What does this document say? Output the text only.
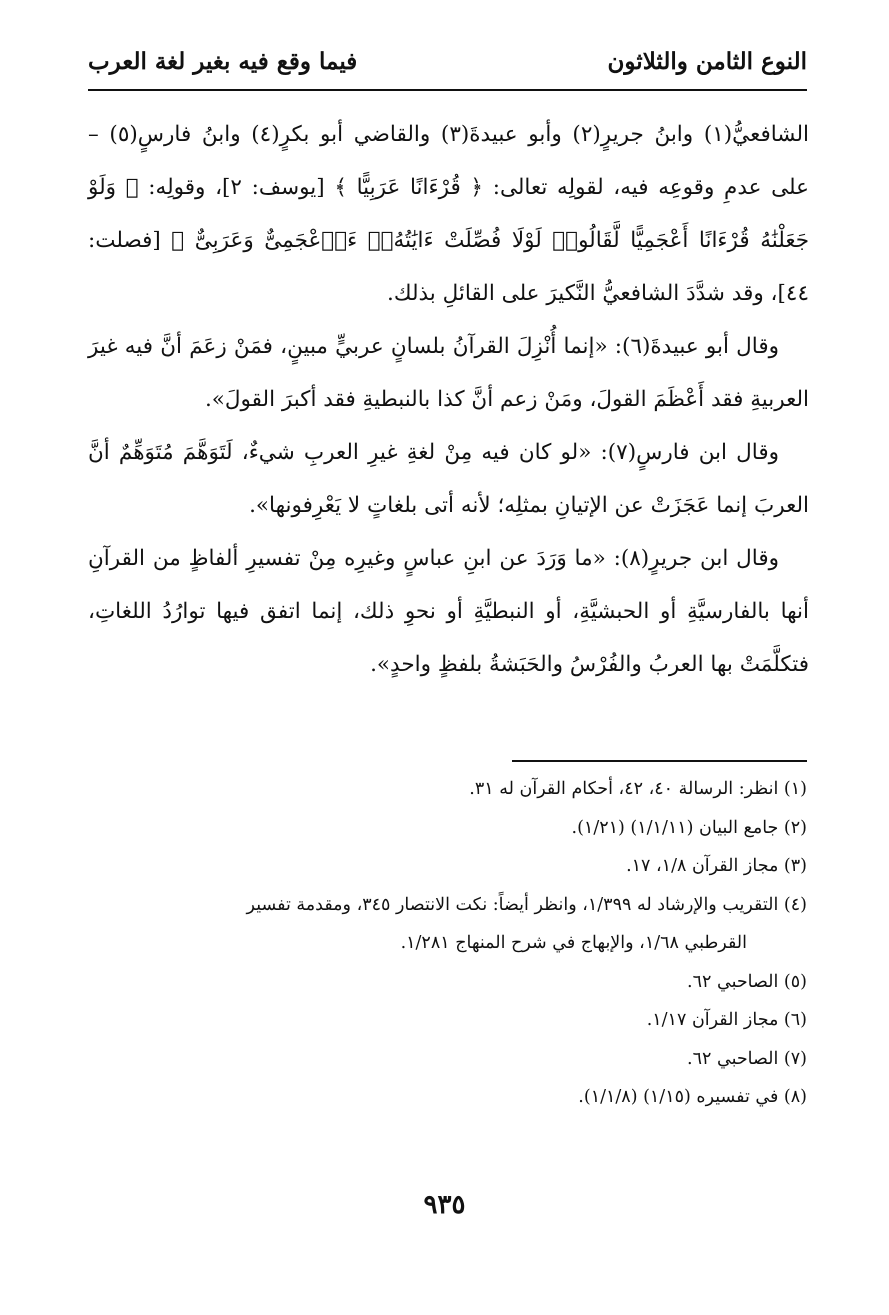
النوع الثامن والثلاثون
فيما وقع فيه بغير لغة العرب

الشافعيُّ(١) وابنُ جريرٍ(٢) وأبو عبيدةَ(٣) والقاضي أبو بكرٍ(٤) وابنُ فارسٍ(٥) – على عدمِ وقوعِه فيه، لقولِه تعالى: ﴿ قُرْءَانًا عَرَبِيًّا ﴾ [يوسف: ٢]، وقولِه: ﴿ وَلَوْ جَعَلْنَٰهُ قُرْءَانًا أَعْجَمِيًّا لَّقَالُوا۟ لَوْلَا فُصِّلَتْ ءَايَٰتُهُۥٓ ءَا۬عْجَمِىٌّ وَعَرَبِىٌّ ﴾ [فصلت: ٤٤]، وقد شدَّدَ الشافعيُّ النَّكيرَ على القائلِ بذلك.

وقال أبو عبيدةَ(٦): «إنما أُنْزِلَ القرآنُ بلسانٍ عربيٍّ مبينٍ، فمَنْ زعَمَ أنَّ فيه غيرَ العربيةِ فقد أَعْظَمَ القولَ، ومَنْ زعم أنَّ كذا بالنبطيةِ فقد أكبرَ القولَ».

وقال ابن فارسٍ(٧): «لو كان فيه مِنْ لغةِ غيرِ العربِ شيءٌ، لَتَوَهَّمَ مُتَوَهِّمٌ أنَّ العربَ إنما عَجَزَتْ عن الإتيانِ بمثلِه؛ لأنه أتى بلغاتٍ لا يَعْرِفونها».

وقال ابن جريرٍ(٨): «ما وَرَدَ عن ابنِ عباسٍ وغيرِه مِنْ تفسيرِ ألفاظٍ من القرآنِ أنها بالفارسيَّةِ أو الحبشيَّةِ، أو النبطيَّةِ أو نحوِ ذلك، إنما اتفق فيها توارُدُ اللغاتِ، فتكلَّمَتْ بها العربُ والفُرْسُ والحَبَشةُ بلفظٍ واحدٍ».

(١) انظر: الرسالة ٤٠، ٤٢، أحكام القرآن له ٣١.
(٢) جامع البيان (١/١/١١) (١/٢١).
(٣) مجاز القرآن ١/٨، ١٧.
(٤) التقريب والإرشاد له ١/٣٩٩، وانظر أيضاً: نكت الانتصار ٣٤٥، ومقدمة تفسير
القرطبي ١/٦٨، والإبهاج في شرح المنهاج ١/٢٨١.
(٥) الصاحبي ٦٢.
(٦) مجاز القرآن ١/١٧.
(٧) الصاحبي ٦٢.
(٨) في تفسيره (١/١٥) (١/١/٨).
٩٣٥
